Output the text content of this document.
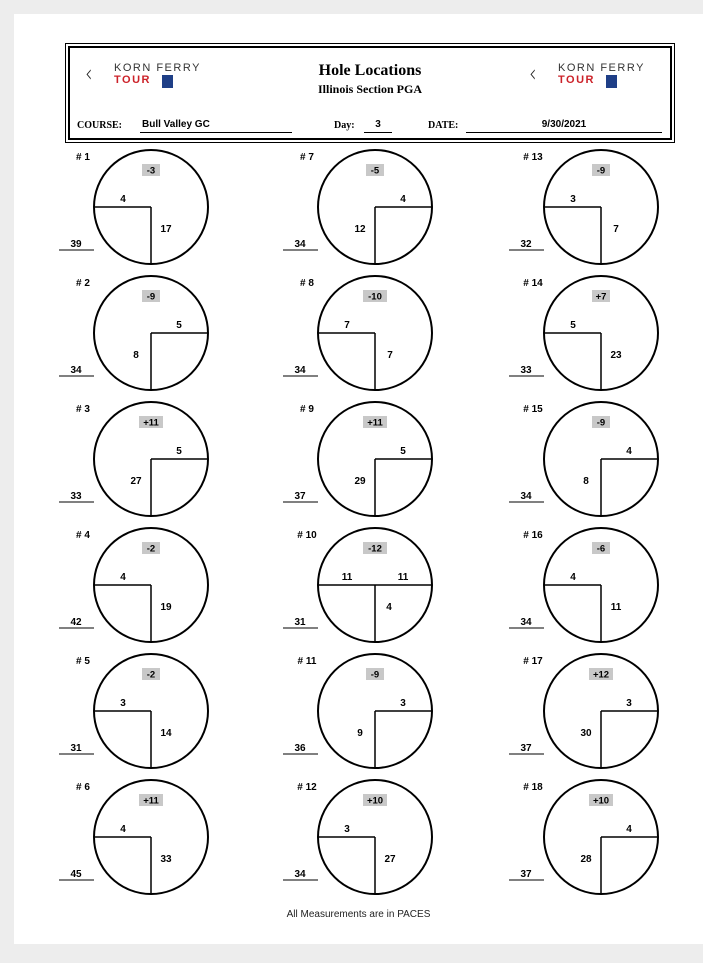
ᚲ KORN FERRY
TOUR
Hole Locations
Illinois Section PGA
ᚲ KORN FERRY
TOUR
COURSE: Bull Valley GC	Day:	3	DATE:	9/30/2021
# 1
-3
4
17
39
# 2
-9
5
8
34
# 3
+11
5
27
33
# 4
-2
4
19
42
# 5
-2
3
14
31
# 6
+11
4
33
45
# 7
-5
4
12
34
# 8
-10
7
7
34
# 9
+11
5
29
37
# 10
-12
11	11
4
31
# 11
-9
3
9
36
# 12
+10
3
27
34
# 13
-9
3
7
32
# 14
+7
5
23
33
# 15
-9
4
8
34
# 16
-6
4
11
34
# 17
+12
3
30
37
# 18
+10
4
28
37
All Measurements are in PACES
